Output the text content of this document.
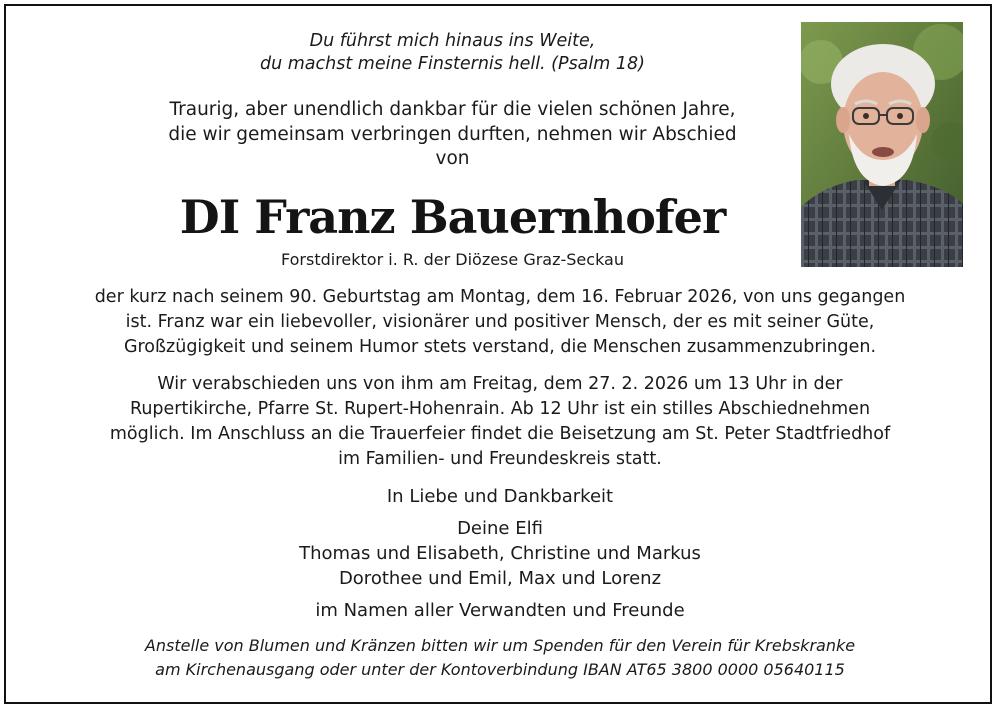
Du führst mich hinaus ins Weite,
du machst meine Finsternis hell. (Psalm 18)
Traurig, aber unendlich dankbar für die vielen schönen Jahre,
die wir gemeinsam verbringen durften, nehmen wir Abschied
von
DI Franz Bauernhofer
Forstdirektor i. R. der Diözese Graz-Seckau
der kurz nach seinem 90. Geburtstag am Montag, dem 16. Februar 2026, von uns gegangen
ist. Franz war ein liebevoller, visionärer und positiver Mensch, der es mit seiner Güte,
Großzügigkeit und seinem Humor stets verstand, die Menschen zusammenzubringen.
Wir verabschieden uns von ihm am Freitag, dem 27. 2. 2026 um 13 Uhr in der
Rupertikirche, Pfarre St. Rupert-Hohenrain. Ab 12 Uhr ist ein stilles Abschiednehmen
möglich. Im Anschluss an die Trauerfeier findet die Beisetzung am St. Peter Stadtfriedhof
im Familien- und Freundeskreis statt.
In Liebe und Dankbarkeit
Deine Elfi
Thomas und Elisabeth, Christine und Markus
Dorothee und Emil, Max und Lorenz
im Namen aller Verwandten und Freunde
Anstelle von Blumen und Kränzen bitten wir um Spenden für den Verein für Krebskranke
am Kirchenausgang oder unter der Kontoverbindung IBAN AT65 3800 0000 05640115
